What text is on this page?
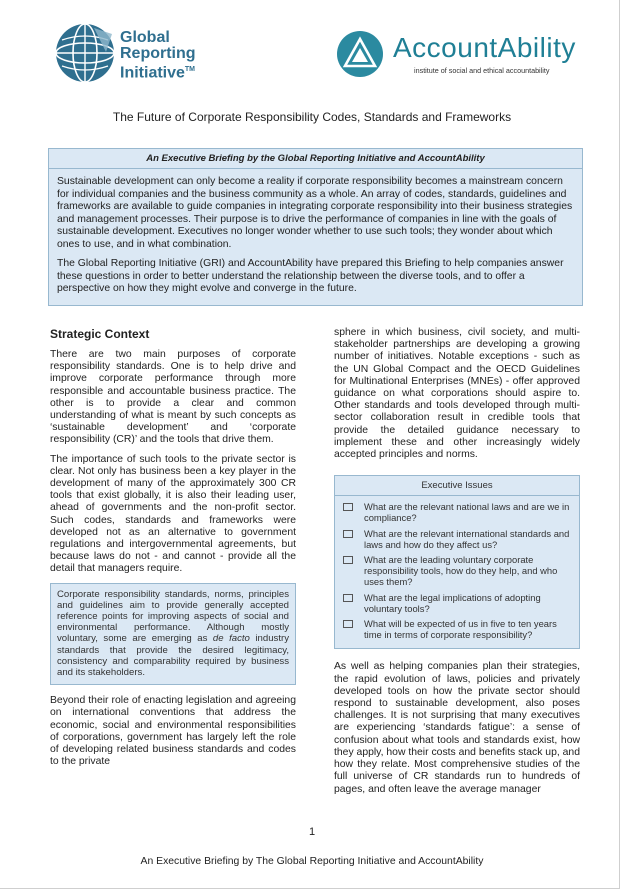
Global
Reporting
Initiative™
AccountAbility
institute of social and ethical accountability
The Future of Corporate Responsibility Codes, Standards and Frameworks
An Executive Briefing by the Global Reporting Initiative and AccountAbility

Sustainable development can only become a reality if corporate responsibility becomes a mainstream concern for individual companies and the business community as a whole. An array of codes, standards, guidelines and frameworks are available to guide companies in integrating corporate responsibility into their business strategies and management processes. Their purpose is to drive the performance of companies in line with the goals of sustainable development. Executives no longer wonder whether to use such tools; they wonder about which ones to use, and in what combination.

The Global Reporting Initiative (GRI) and AccountAbility have prepared this Briefing to help companies answer these questions in order to better understand the relationship between the diverse tools, and to offer a perspective on how they might evolve and converge in the future.

Strategic Context

There are two main purposes of corporate responsibility standards. One is to help drive and improve corporate performance through more responsible and accountable business practice. The other is to provide a clear and common understanding of what is meant by such concepts as ‘sustainable development’ and ‘corporate responsibility (CR)’ and the tools that drive them.

The importance of such tools to the private sector is clear. Not only has business been a key player in the development of many of the approximately 300 CR tools that exist globally, it is also their leading user, ahead of governments and the non-profit sector. Such codes, standards and frameworks were developed not as an alternative to government regulations and intergovernmental agreements, but because laws do not - and cannot - provide all the detail that managers require.

Corporate responsibility standards, norms, principles and guidelines aim to provide generally accepted reference points for improving aspects of social and environmental performance. Although mostly voluntary, some are emerging as de facto industry standards that provide the desired legitimacy, consistency and comparability required by business and its stakeholders.

Beyond their role of enacting legislation and agreeing on international conventions that address the economic, social and environmental responsibilities of corporations, government has largely left the role of developing related business standards and codes to the private

sphere in which business, civil society, and multi-stakeholder partnerships are developing a growing number of initiatives. Notable exceptions - such as the UN Global Compact and the OECD Guidelines for Multinational Enterprises (MNEs) - offer approved guidance on what corporations should aspire to. Other standards and tools developed through multi-sector collaboration result in credible tools that provide the detailed guidance necessary to implement these and other increasingly widely accepted principles and norms.

Executive Issues
What are the relevant national laws and are we in compliance?
What are the relevant international standards and laws and how do they affect us?
What are the leading voluntary corporate responsibility tools, how do they help, and who uses them?
What are the legal implications of adopting voluntary tools?
What will be expected of us in five to ten years time in terms of corporate responsibility?

As well as helping companies plan their strategies, the rapid evolution of laws, policies and privately developed tools on how the private sector should respond to sustainable development, also poses challenges. It is not surprising that many executives are experiencing ‘standards fatigue’: a sense of confusion about what tools and standards exist, how they apply, how their costs and benefits stack up, and how they relate. Most comprehensive studies of the full universe of CR standards run to hundreds of pages, and often leave the average manager

1
An Executive Briefing by The Global Reporting Initiative and AccountAbility
